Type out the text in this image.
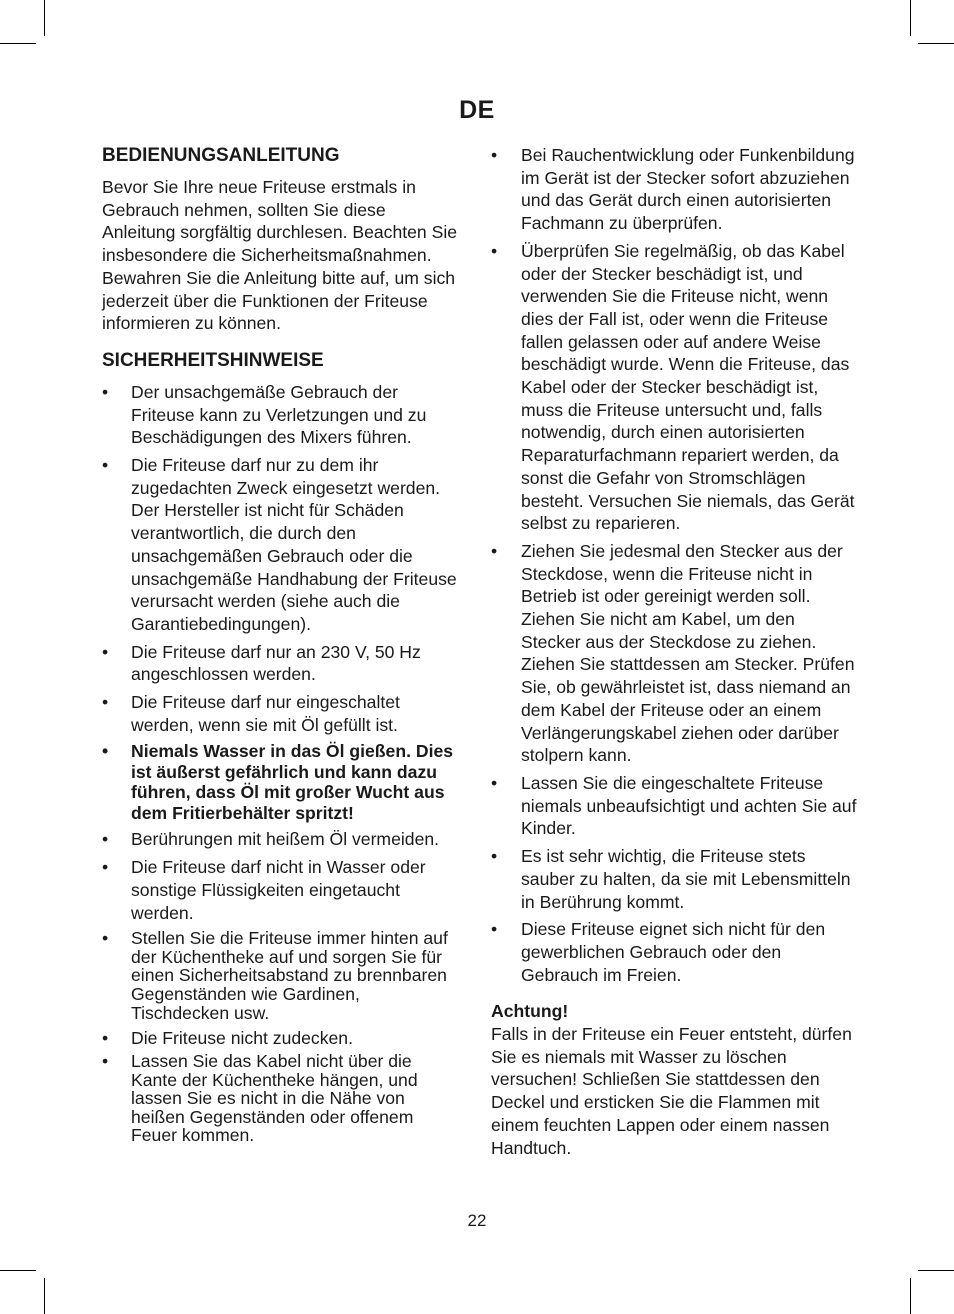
DE
BEDIENUNGSANLEITUNG

Bevor Sie Ihre neue Friteuse erstmals in Gebrauch nehmen, sollten Sie diese Anleitung sorgfältig durchlesen. Beachten Sie insbesondere die Sicherheitsmaßnahmen. Bewahren Sie die Anleitung bitte auf, um sich jederzeit über die Funktionen der Friteuse informieren zu können.

SICHERHEITSHINWEISE
• Der unsachgemäße Gebrauch der Friteuse kann zu Verletzungen und zu Beschädigungen des Mixers führen.
• Die Friteuse darf nur zu dem ihr zugedachten Zweck eingesetzt werden. Der Hersteller ist nicht für Schäden verantwortlich, die durch den unsachgemäßen Gebrauch oder die unsachgemäße Handhabung der Friteuse verursacht werden (siehe auch die Garantiebedingungen).
• Die Friteuse darf nur an 230 V, 50 Hz angeschlossen werden.
• Die Friteuse darf nur eingeschaltet werden, wenn sie mit Öl gefüllt ist.
• Niemals Wasser in das Öl gießen. Dies ist äußerst gefährlich und kann dazu führen, dass Öl mit großer Wucht aus dem Fritierbehälter spritzt!
• Berührungen mit heißem Öl vermeiden.
• Die Friteuse darf nicht in Wasser oder sonstige Flüssigkeiten eingetaucht werden.
• Stellen Sie die Friteuse immer hinten auf der Küchentheke auf und sorgen Sie für einen Sicherheitsabstand zu brennbaren Gegenständen wie Gardinen, Tischdecken usw.
• Die Friteuse nicht zudecken.
• Lassen Sie das Kabel nicht über die Kante der Küchentheke hängen, und lassen Sie es nicht in die Nähe von heißen Gegenständen oder offenem Feuer kommen.
• Bei Rauchentwicklung oder Funkenbildung im Gerät ist der Stecker sofort abzuziehen und das Gerät durch einen autorisierten Fachmann zu überprüfen.
• Überprüfen Sie regelmäßig, ob das Kabel oder der Stecker beschädigt ist, und verwenden Sie die Friteuse nicht, wenn dies der Fall ist, oder wenn die Friteuse fallen gelassen oder auf andere Weise beschädigt wurde. Wenn die Friteuse, das Kabel oder der Stecker beschädigt ist, muss die Friteuse untersucht und, falls notwendig, durch einen autorisierten Reparaturfachmann repariert werden, da sonst die Gefahr von Stromschlägen besteht. Versuchen Sie niemals, das Gerät selbst zu reparieren.
• Ziehen Sie jedesmal den Stecker aus der Steckdose, wenn die Friteuse nicht in Betrieb ist oder gereinigt werden soll. Ziehen Sie nicht am Kabel, um den Stecker aus der Steckdose zu ziehen. Ziehen Sie stattdessen am Stecker. Prüfen Sie, ob gewährleistet ist, dass niemand an dem Kabel der Friteuse oder an einem Verlängerungskabel ziehen oder darüber stolpern kann.
• Lassen Sie die eingeschaltete Friteuse niemals unbeaufsichtigt und achten Sie auf Kinder.
• Es ist sehr wichtig, die Friteuse stets sauber zu halten, da sie mit Lebensmitteln in Berührung kommt.
• Diese Friteuse eignet sich nicht für den gewerblichen Gebrauch oder den Gebrauch im Freien.
Achtung!
Falls in der Friteuse ein Feuer entsteht, dürfen Sie es niemals mit Wasser zu löschen versuchen! Schließen Sie stattdessen den Deckel und ersticken Sie die Flammen mit einem feuchten Lappen oder einem nassen Handtuch.
22
